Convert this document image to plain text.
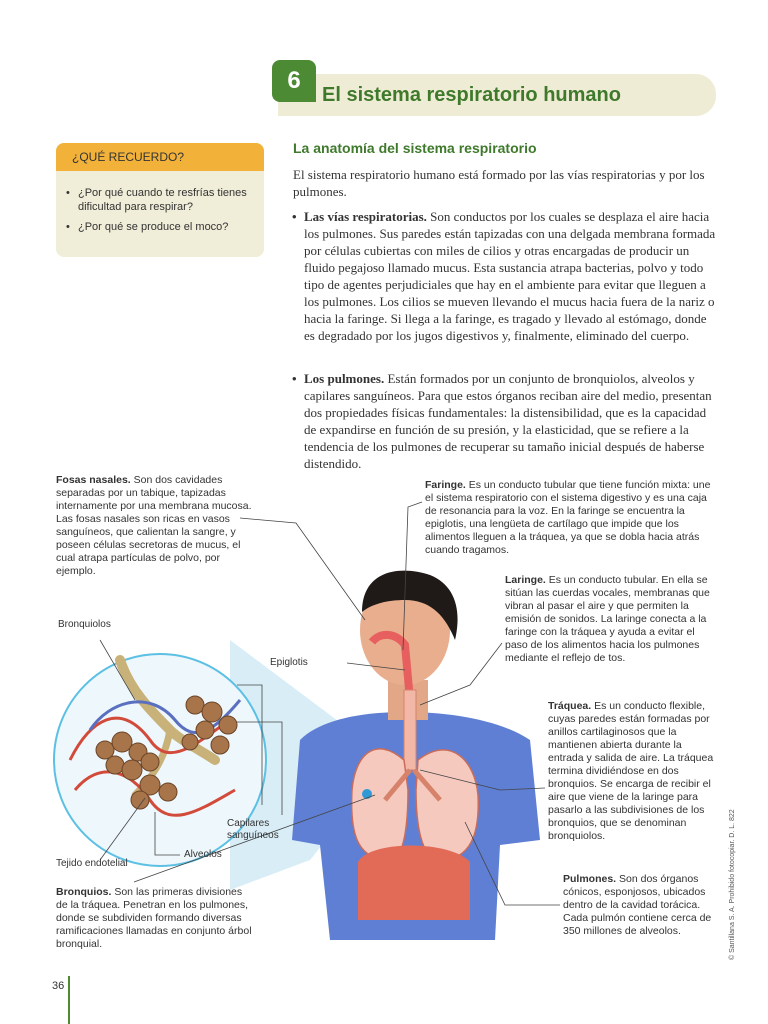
6
El sistema respiratorio humano
¿QUÉ RECUERDO?
• ¿Por qué cuando te resfrías tienes dificultad para respirar?
• ¿Por qué se produce el moco?
La anatomía del sistema respiratorio
El sistema respiratorio humano está formado por las vías respiratorias y por los pulmones.
• Las vías respiratorias. Son conductos por los cuales se desplaza el aire hacia los pulmones. Sus paredes están tapizadas con una delgada membrana formada por células cubiertas con miles de cilios y otras encargadas de producir un fluido pegajoso llamado mucus. Esta sustancia atrapa bacterias, polvo y todo tipo de agentes perjudiciales que hay en el ambiente para evitar que lleguen a los pulmones. Los cilios se mueven llevando el mucus hacia fuera de la nariz o hacia la faringe. Si llega a la faringe, es tragado y llevado al estómago, donde es degradado por los jugos digestivos y, finalmente, eliminado del cuerpo.
• Los pulmones. Están formados por un conjunto de bronquiolos, alveolos y capilares sanguíneos. Para que estos órganos reciban aire del medio, presentan dos propiedades físicas fundamentales: la distensibilidad, que es la capacidad de expandirse en función de su presión, y la elasticidad, que se refiere a la tendencia de los pulmones de recuperar su tamaño inicial después de haberse distendido.
Fosas nasales. Son dos cavidades separadas por un tabique, tapizadas internamente por una membrana mucosa. Las fosas nasales son ricas en vasos sanguíneos, que calientan la sangre, y poseen células secretoras de mucus, el cual atrapa partículas de polvo, por ejemplo.
Faringe. Es un conducto tubular que tiene función mixta: une el sistema respiratorio con el sistema digestivo y es una caja de resonancia para la voz. En la faringe se encuentra la epiglotis, una lengüeta de cartílago que impide que los alimentos lleguen a la tráquea, ya que se dobla hacia atrás cuando tragamos.
Laringe. Es un conducto tubular. En ella se sitúan las cuerdas vocales, membranas que vibran al pasar el aire y que permiten la emisión de sonidos. La laringe conecta a la faringe con la tráquea y ayuda a evitar el paso de los alimentos hacia los pulmones mediante el reflejo de tos.
Tráquea. Es un conducto flexible, cuyas paredes están formadas por anillos cartilaginosos que la mantienen abierta durante la entrada y salida de aire. La tráquea termina dividiéndose en dos bronquios. Se encarga de recibir el aire que viene de la laringe para pasarlo a las subdivisiones de los bronquios, que se denominan bronquiolos.
Pulmones. Son dos órganos cónicos, esponjosos, ubicados dentro de la cavidad torácica. Cada pulmón contiene cerca de 350 millones de alveolos.
Bronquios. Son las primeras divisiones de la tráquea. Penetran en los pulmones, donde se subdividen formando diversas ramificaciones llamadas en conjunto árbol bronquial.
Bronquiolos
Epiglotis
Capilares
sanguíneos
Alveolos
Tejido endotelial	© Santillana S. A. Prohibido fotocopiar. D. L. 822
36
